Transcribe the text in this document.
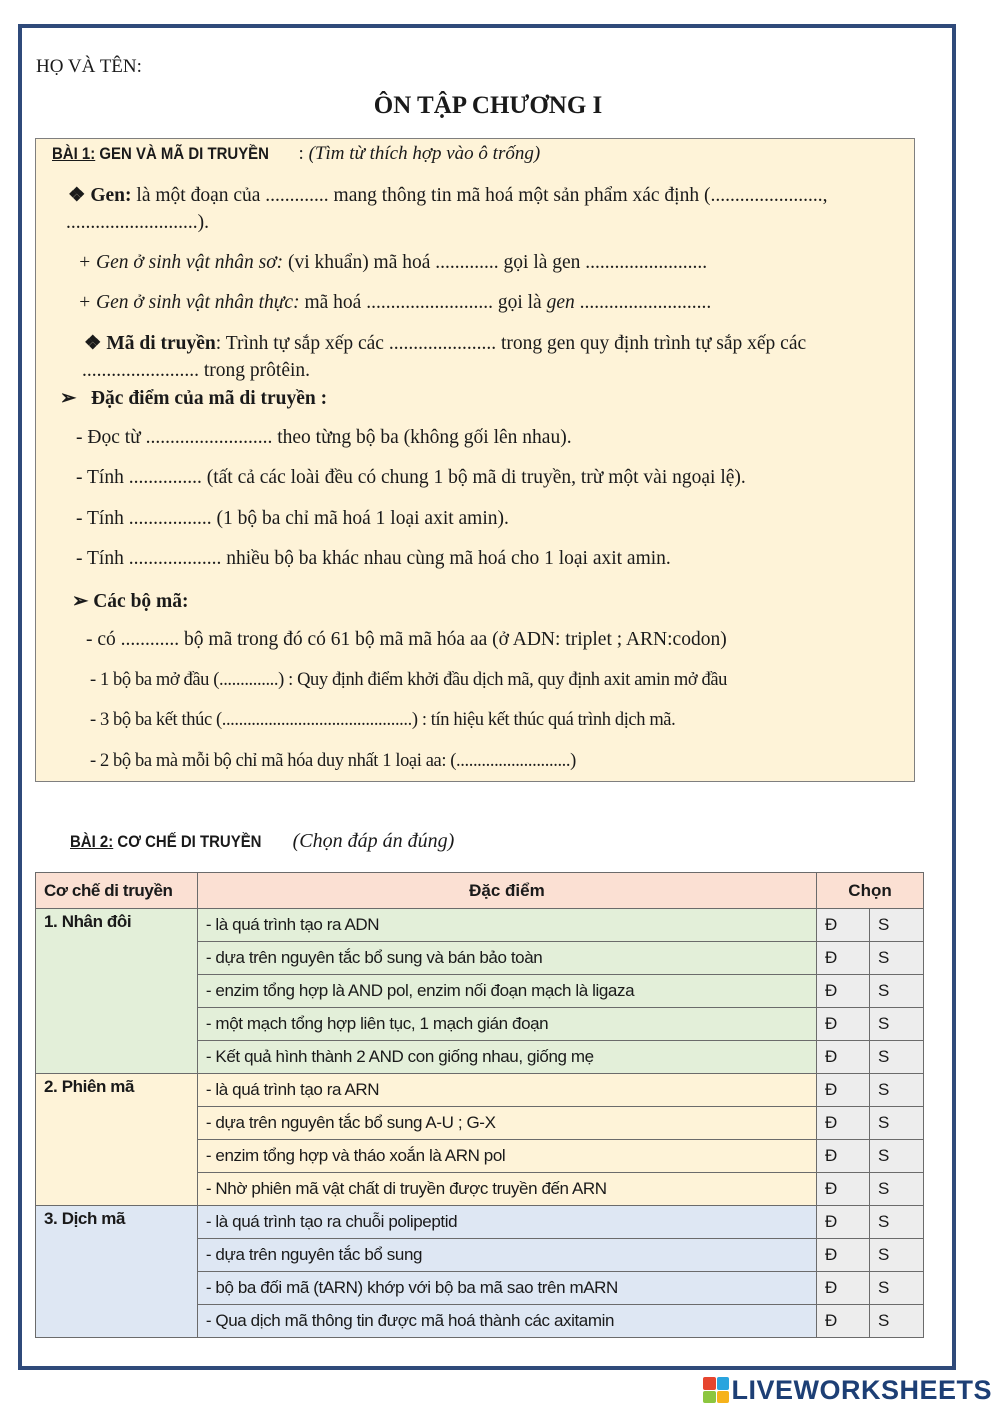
HỌ VÀ TÊN:
ÔN TẬP CHƯƠNG I
BÀI 1: GEN VÀ MÃ DI TRUYỀN : (Tìm từ thích hợp vào ô trống)
❖ Gen: là một đoạn của ............. mang thông tin mã hoá một sản phẩm xác định (.......................,
...........................).
+ Gen ở sinh vật nhân sơ: (vi khuẩn) mã hoá ............. gọi là gen .........................
+ Gen ở sinh vật nhân thực: mã hoá .......................... gọi là gen ...........................
❖ Mã di truyền: Trình tự sắp xếp các ...................... trong gen quy định trình tự sắp xếp các
........................ trong prôtêin.
➢ Đặc điểm của mã di truyền :
- Đọc từ .......................... theo từng bộ ba (không gối lên nhau).
- Tính ............... (tất cả các loài đều có chung 1 bộ mã di truyền, trừ một vài ngoại lệ).
- Tính ................. (1 bộ ba chỉ mã hoá 1 loại axit amin).
- Tính ................... nhiều bộ ba khác nhau cùng mã hoá cho 1 loại axit amin.
➢ Các bộ mã:
- có ............ bộ mã trong đó có 61 bộ mã mã hóa aa (ở ADN: triplet ; ARN:codon)
- 1 bộ ba mở đầu (..............) : Quy định điểm khởi đầu dịch mã, quy định axit amin mở đầu
- 3 bộ ba kết thúc (.............................................) : tín hiệu kết thúc quá trình dịch mã.
- 2 bộ ba mà mỗi bộ chỉ mã hóa duy nhất 1 loại aa: (...........................)
BÀI 2: CƠ CHẾ DI TRUYỀN (Chọn đáp án đúng)
Cơ chế di truyền	Đặc điểm	Chọn	
1. Nhân đôi	- là quá trình tạo ra ADN	Đ	S
	- dựa trên nguyên tắc bổ sung và bán bảo toàn	Đ	S
	- enzim tổng hợp là AND pol, enzim nối đoạn mạch là ligaza	Đ	S
	- một mạch tổng hợp liên tục, 1 mạch gián đoạn	Đ	S
	- Kết quả hình thành 2 AND con giống nhau, giống mẹ	Đ	S
2. Phiên mã	- là quá trình tạo ra ARN	Đ	S
	- dựa trên nguyên tắc bổ sung A-U ; G-X	Đ	S
	- enzim tổng hợp và tháo xoắn là ARN pol	Đ	S
	- Nhờ phiên mã vật chất di truyền được truyền đến ARN	Đ	S
3. Dịch mã	- là quá trình tạo ra chuỗi polipeptid	Đ	S
	- dựa trên nguyên tắc bổ sung	Đ	S
	- bộ ba đối mã (tARN) khớp với bộ ba mã sao trên mARN	Đ	S
	- Qua dịch mã thông tin được mã hoá thành các axitamin	Đ	S
LIVEWORKSHEETS
